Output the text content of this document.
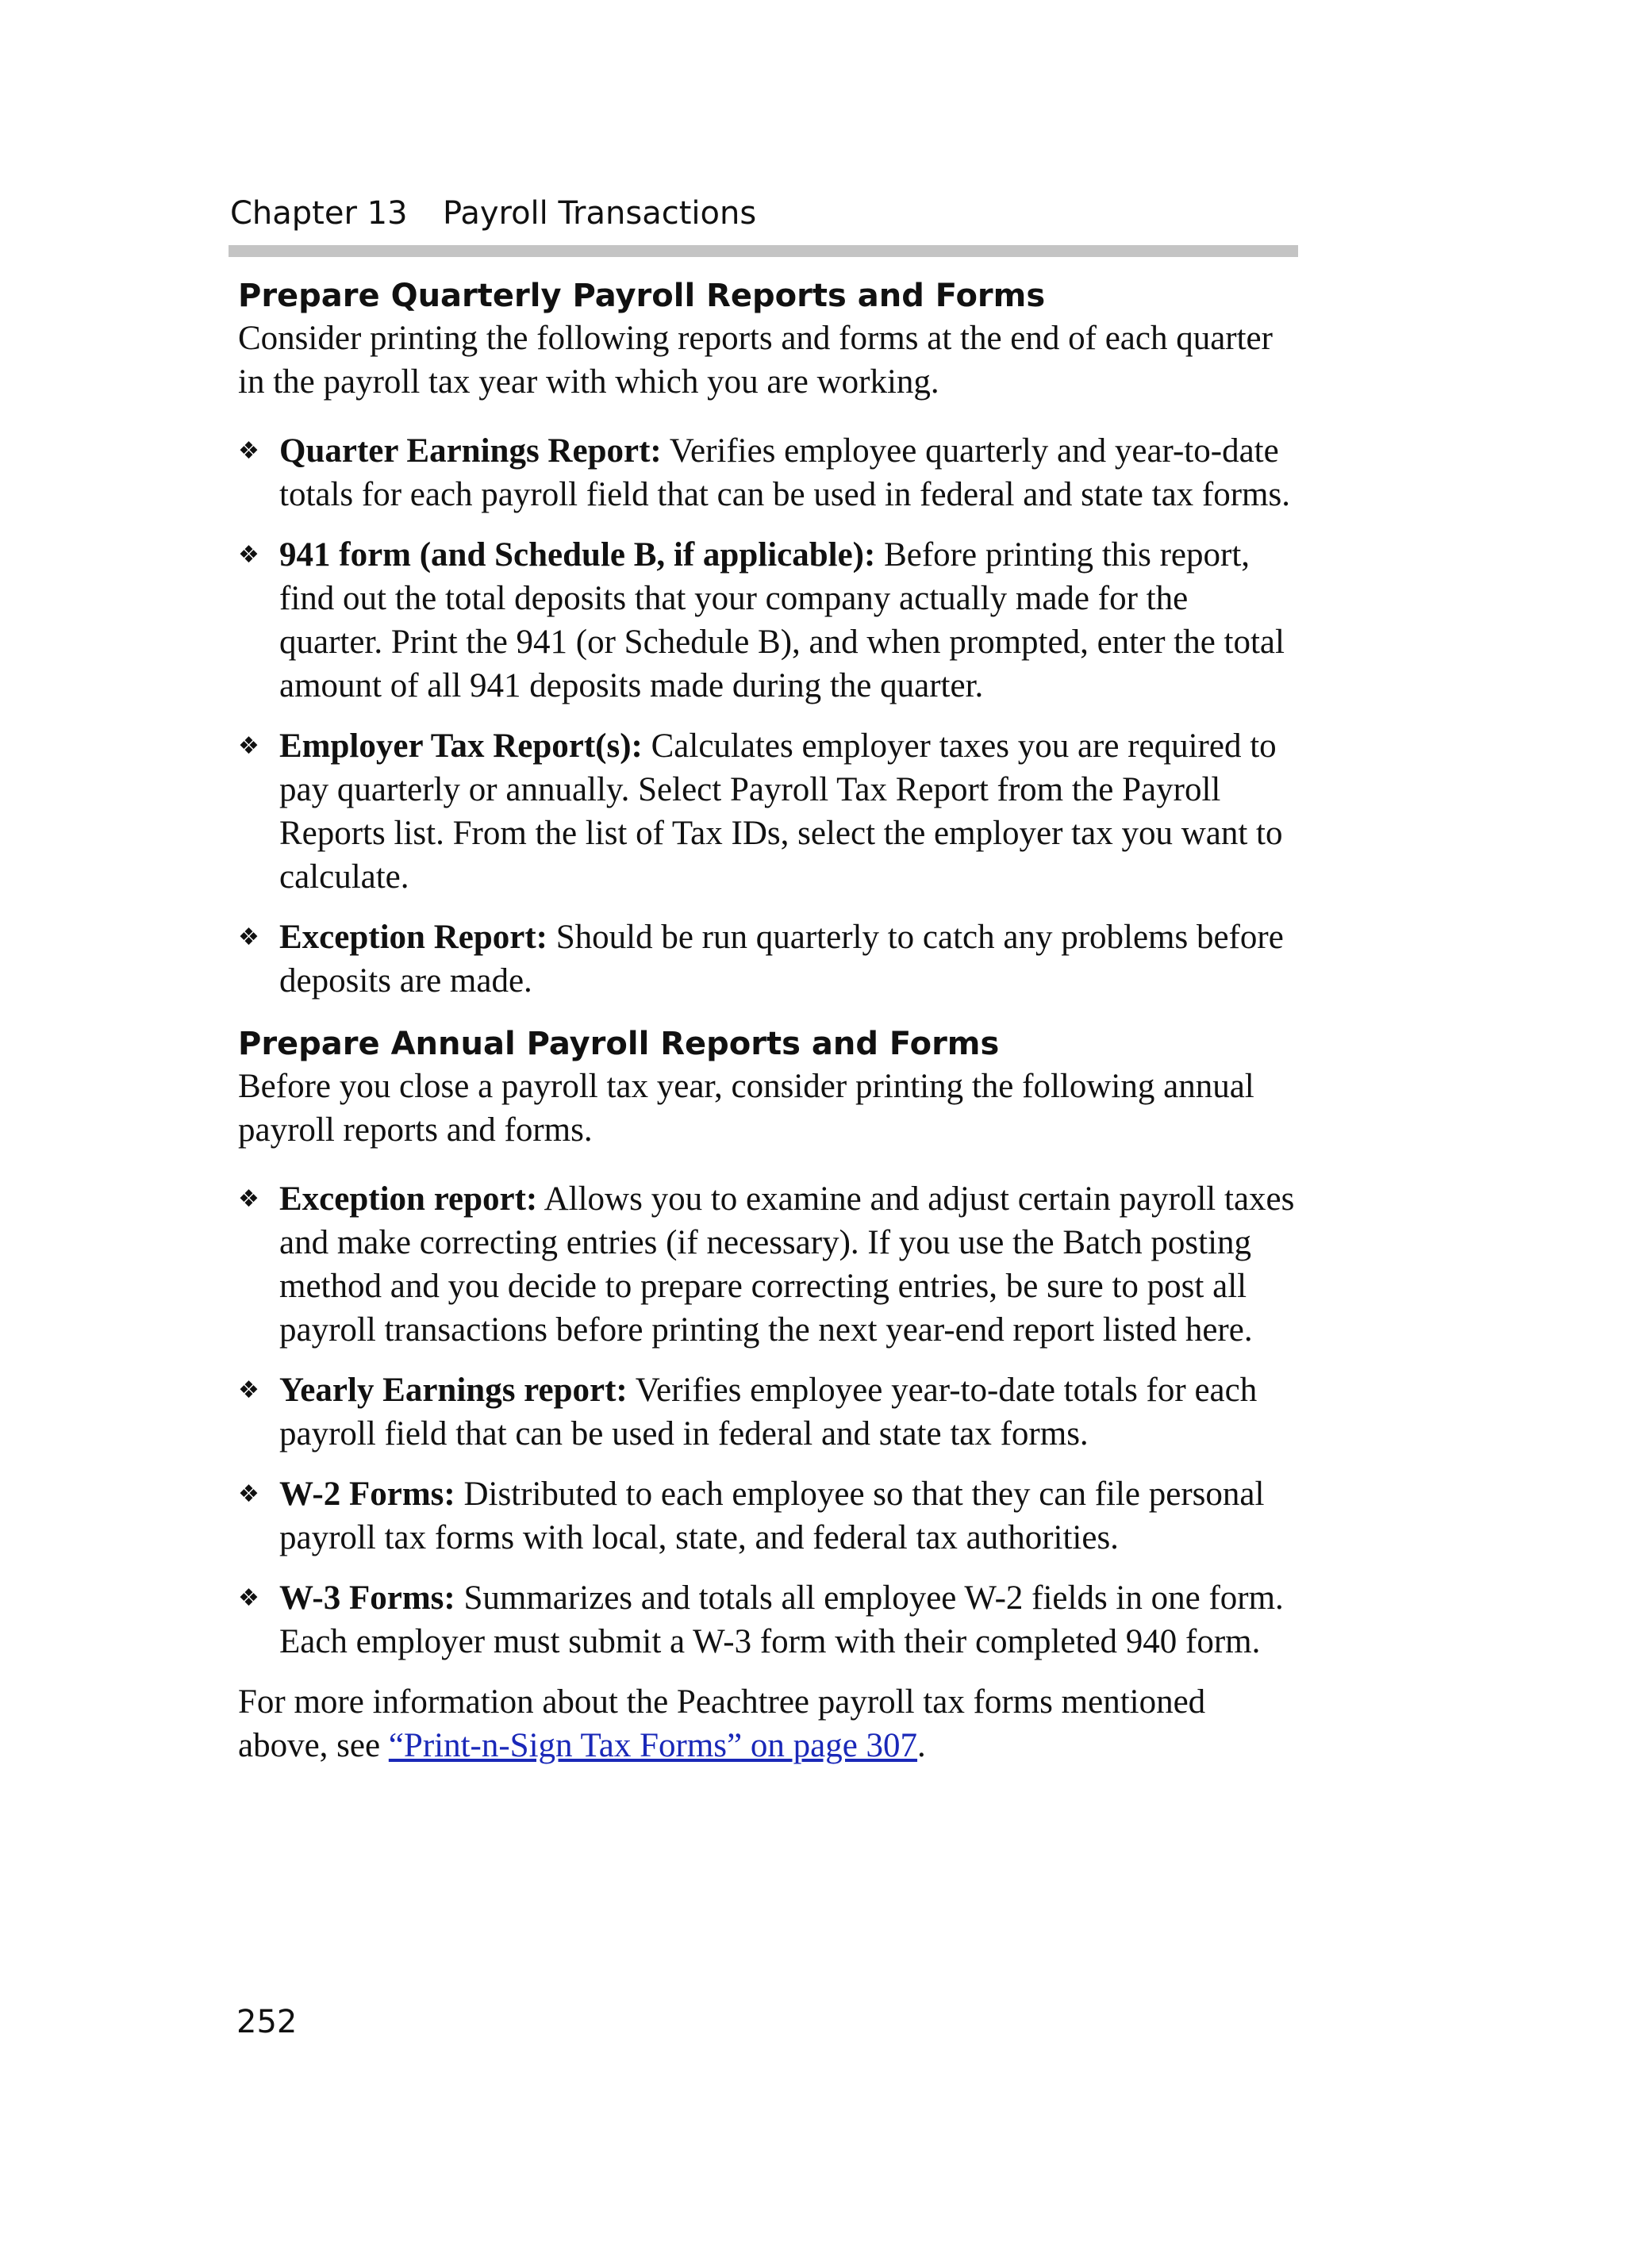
Chapter 13 Payroll Transactions
Prepare Quarterly Payroll Reports and Forms

Consider printing the following reports and forms at the end of each quarter in the payroll tax year with which you are working.

❖ Quarter Earnings Report: Verifies employee quarterly and year-to-date totals for each payroll field that can be used in federal and state tax forms.
❖ 941 form (and Schedule B, if applicable): Before printing this report, find out the total deposits that your company actually made for the quarter. Print the 941 (or Schedule B), and when prompted, enter the total amount of all 941 deposits made during the quarter.
❖ Employer Tax Report(s): Calculates employer taxes you are required to pay quarterly or annually. Select Payroll Tax Report from the Payroll Reports list. From the list of Tax IDs, select the employer tax you want to calculate.
❖ Exception Report: Should be run quarterly to catch any problems before deposits are made.
Prepare Annual Payroll Reports and Forms

Before you close a payroll tax year, consider printing the following annual payroll reports and forms.

❖ Exception report: Allows you to examine and adjust certain payroll taxes and make correcting entries (if necessary). If you use the Batch posting method and you decide to prepare correcting entries, be sure to post all payroll transactions before printing the next year-end report listed here.
❖ Yearly Earnings report: Verifies employee year-to-date totals for each payroll field that can be used in federal and state tax forms.
❖ W-2 Forms: Distributed to each employee so that they can file personal payroll tax forms with local, state, and federal tax authorities.
❖ W-3 Forms: Summarizes and totals all employee W-2 fields in one form. Each employer must submit a W-3 form with their completed 940 form.

For more information about the Peachtree payroll tax forms mentioned above, see “Print-n-Sign Tax Forms” on page 307.

252
